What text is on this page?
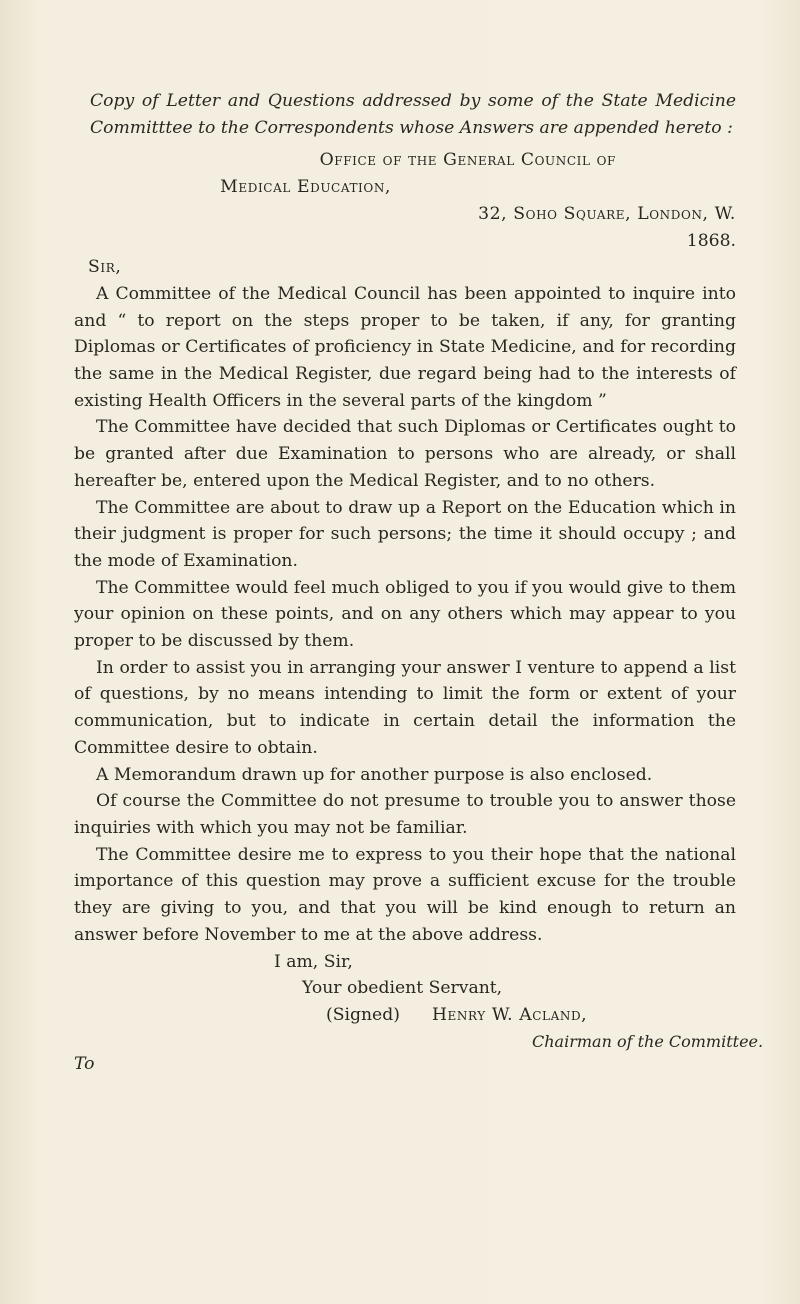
Copy of Letter and Questions addressed by some of the State Medicine Committtee to the Correspondents whose Answers are appended hereto :

Office of the General Council of
Medical Education,
32, Soho Square, London, W.
1868.

Sir,

A Committee of the Medical Council has been appointed to inquire into and “ to report on the steps proper to be taken, if any, for granting Diplomas or Certificates of proficiency in State Medicine, and for recording the same in the Medical Register, due regard being had to the interests of existing Health Officers in the several parts of the kingdom ”

The Committee have decided that such Diplomas or Certificates ought to be granted after due Examination to persons who are already, or shall hereafter be, entered upon the Medical Register, and to no others.

The Committee are about to draw up a Report on the Education which in their judgment is proper for such persons; the time it should occupy ; and the mode of Examination.

The Committee would feel much obliged to you if you would give to them your opinion on these points, and on any others which may appear to you proper to be discussed by them.

In order to assist you in arranging your answer I venture to append a list of questions, by no means intending to limit the form or extent of your communication, but to indicate in certain detail the information the Committee desire to obtain.

A Memorandum drawn up for another purpose is also enclosed.

Of course the Committee do not presume to trouble you to answer those inquiries with which you may not be familiar.

The Committee desire me to express to you their hope that the national importance of this question may prove a sufficient excuse for the trouble they are giving to you, and that you will be kind enough to return an answer before November to me at the above address.

I am, Sir,
Your obedient Servant,
(Signed) Henry W. Acland,
Chairman of the Committee.
To
